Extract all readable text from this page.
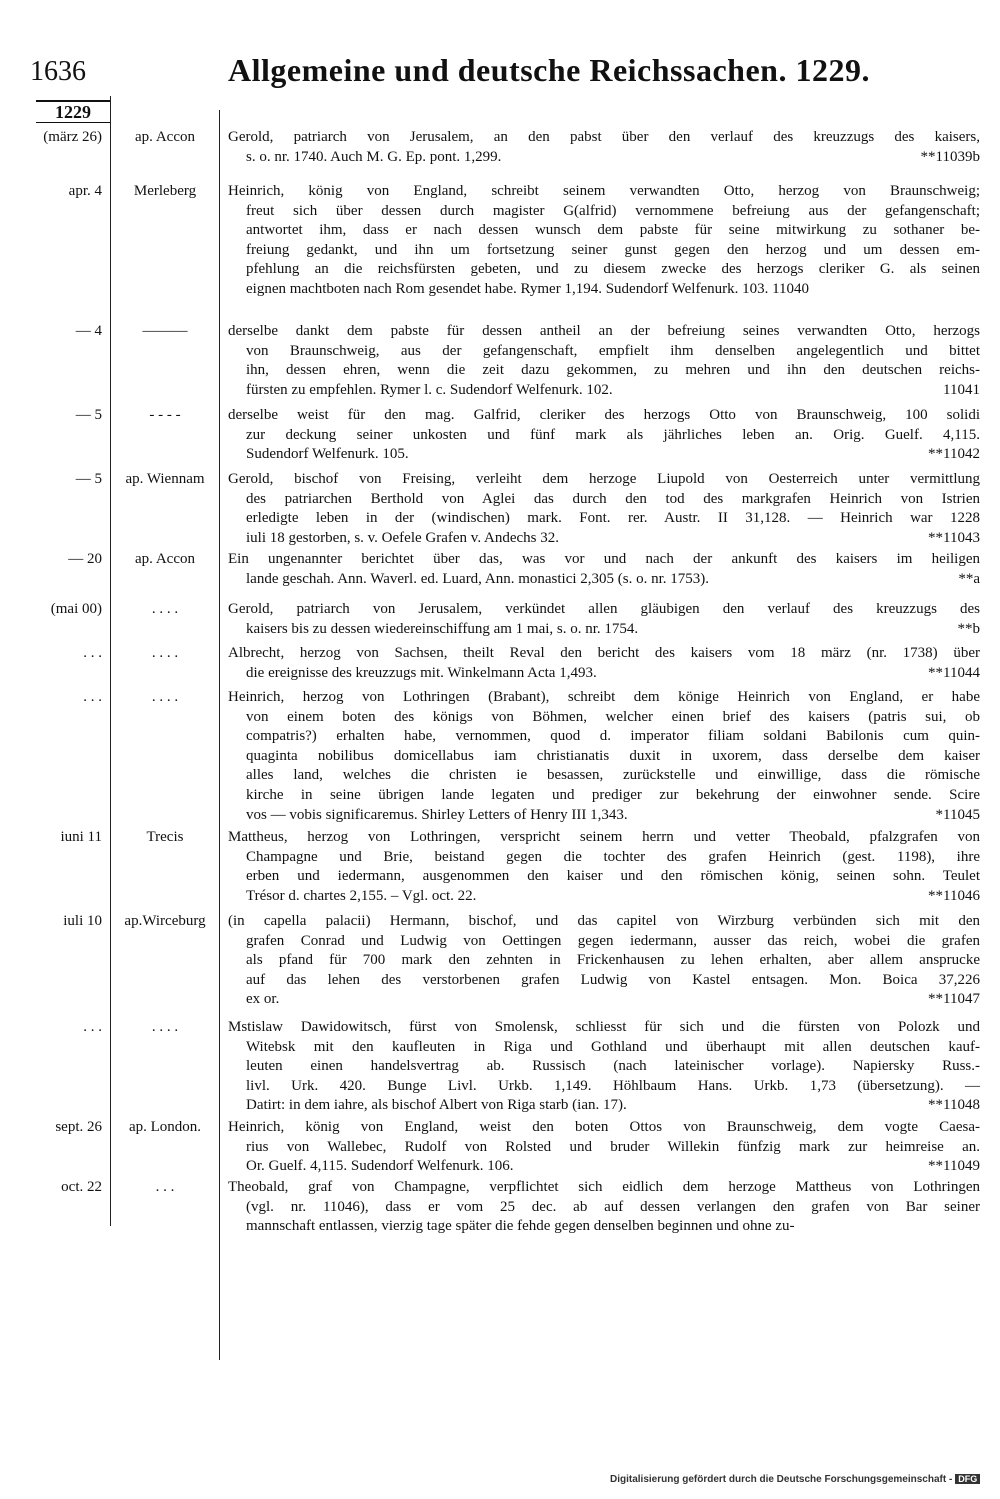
1636	Allgemeine und deutsche Reichssachen. 1229.
1229
(märz 26)	ap. Accon	Gerold, patriarch von Jerusalem, an den pabst über den verlauf des kreuzzugs des kaisers,
s. o. nr. 1740. Auch M. G. Ep. pont. 1,299.	**11039b
apr. 4	Merleberg	Heinrich, könig von England, schreibt seinem verwandten Otto, herzog von Braunschweig;
freut sich über dessen durch magister G(alfrid) vernommene befreiung aus der gefangenschaft;
antwortet ihm, dass er nach dessen wunsch dem pabste für seine mitwirkung zu sothaner be-
freiung gedankt, und ihn um fortsetzung seiner gunst gegen den herzog und um dessen em-
pfehlung an die reichsfürsten gebeten, und zu diesem zwecke des herzogs cleriker G. als seinen
eignen machtboten nach Rom gesendet habe. Rymer 1,194. Sudendorf Welfenurk. 103. 11040
— 4	———	derselbe dankt dem pabste für dessen antheil an der befreiung seines verwandten Otto, herzogs
von Braunschweig, aus der gefangenschaft, empfielt ihm denselben angelegentlich und bittet
ihn, dessen ehren, wenn die zeit dazu gekommen, zu mehren und ihn den deutschen reichs-
fürsten zu empfehlen. Rymer l. c. Sudendorf Welfenurk. 102.	11041
— 5	- - - -	derselbe weist für den mag. Galfrid, cleriker des herzogs Otto von Braunschweig, 100 solidi
zur deckung seiner unkosten und fünf mark als jährliches leben an. Orig. Guelf. 4,115.
Sudendorf Welfenurk. 105.	**11042
— 5	ap. Wiennam	Gerold, bischof von Freising, verleiht dem herzoge Liupold von Oesterreich unter vermittlung
des patriarchen Berthold von Aglei das durch den tod des markgrafen Heinrich von Istrien
erledigte leben in der (windischen) mark. Font. rer. Austr. II 31,128. — Heinrich war 1228
iuli 18 gestorben, s. v. Oefele Grafen v. Andechs 32.	**11043
— 20	ap. Accon	Ein ungenannter berichtet über das, was vor und nach der ankunft des kaisers im heiligen
lande geschah. Ann. Waverl. ed. Luard, Ann. monastici 2,305 (s. o. nr. 1753).	**a
(mai 00)	. . . .	Gerold, patriarch von Jerusalem, verkündet allen gläubigen den verlauf des kreuzzugs des
kaisers bis zu dessen wiedereinschiffung am 1 mai, s. o. nr. 1754.	**b
. . .	. . . .	Albrecht, herzog von Sachsen, theilt Reval den bericht des kaisers vom 18 märz (nr. 1738) über
die ereignisse des kreuzzugs mit. Winkelmann Acta 1,493.	**11044
. . .	. . . .	Heinrich, herzog von Lothringen (Brabant), schreibt dem könige Heinrich von England, er habe
von einem boten des königs von Böhmen, welcher einen brief des kaisers (patris sui, ob
compatris?) erhalten habe, vernommen, quod d. imperator filiam soldani Babilonis cum quin-
quaginta nobilibus domicellabus iam christianatis duxit in uxorem, dass derselbe dem kaiser
alles land, welches die christen ie besassen, zurückstelle und einwillige, dass die römische
kirche in seine übrigen lande legaten und prediger zur bekehrung der einwohner sende. Scire
vos — vobis significaremus. Shirley Letters of Henry III 1,343.	*11045
iuni 11	Trecis	Mattheus, herzog von Lothringen, verspricht seinem herrn und vetter Theobald, pfalzgrafen von
Champagne und Brie, beistand gegen die tochter des grafen Heinrich (gest. 1198), ihre
erben und iedermann, ausgenommen den kaiser und den römischen könig, seinen sohn. Teulet
Trésor d. chartes 2,155. – Vgl. oct. 22.	**11046
iuli 10	ap.Wirceburg	(in capella palacii) Hermann, bischof, und das capitel von Wirzburg verbünden sich mit den
grafen Conrad und Ludwig von Oettingen gegen iedermann, ausser das reich, wobei die grafen
als pfand für 700 mark den zehnten in Frickenhausen zu lehen erhalten, aber allem ansprucke
auf das lehen des verstorbenen grafen Ludwig von Kastel entsagen. Mon. Boica 37,226
ex or.	**11047
. . .	. . . .	Mstislaw Dawidowitsch, fürst von Smolensk, schliesst für sich und die fürsten von Polozk und
Witebsk mit den kaufleuten in Riga und Gothland und überhaupt mit allen deutschen kauf-
leuten einen handelsvertrag ab. Russisch (nach lateinischer vorlage). Napiersky Russ.-
livl. Urk. 420. Bunge Livl. Urkb. 1,149. Höhlbaum Hans. Urkb. 1,73 (übersetzung). —
Datirt: in dem iahre, als bischof Albert von Riga starb (ian. 17).	**11048
sept. 26	ap. London.	Heinrich, könig von England, weist den boten Ottos von Braunschweig, dem vogte Caesa-
rius von Wallebec, Rudolf von Rolsted und bruder Willekin fünfzig mark zur heimreise an.
Or. Guelf. 4,115. Sudendorf Welfenurk. 106.	**11049
oct. 22	. . .	Theobald, graf von Champagne, verpflichtet sich eidlich dem herzoge Mattheus von Lothringen
(vgl. nr. 11046), dass er vom 25 dec. ab auf dessen verlangen den grafen von Bar seiner
mannschaft entlassen, vierzig tage später die fehde gegen denselben beginnen und ohne zu-
Digitalisierung gefördert durch die Deutsche Forschungsgemeinschaft - DFG
